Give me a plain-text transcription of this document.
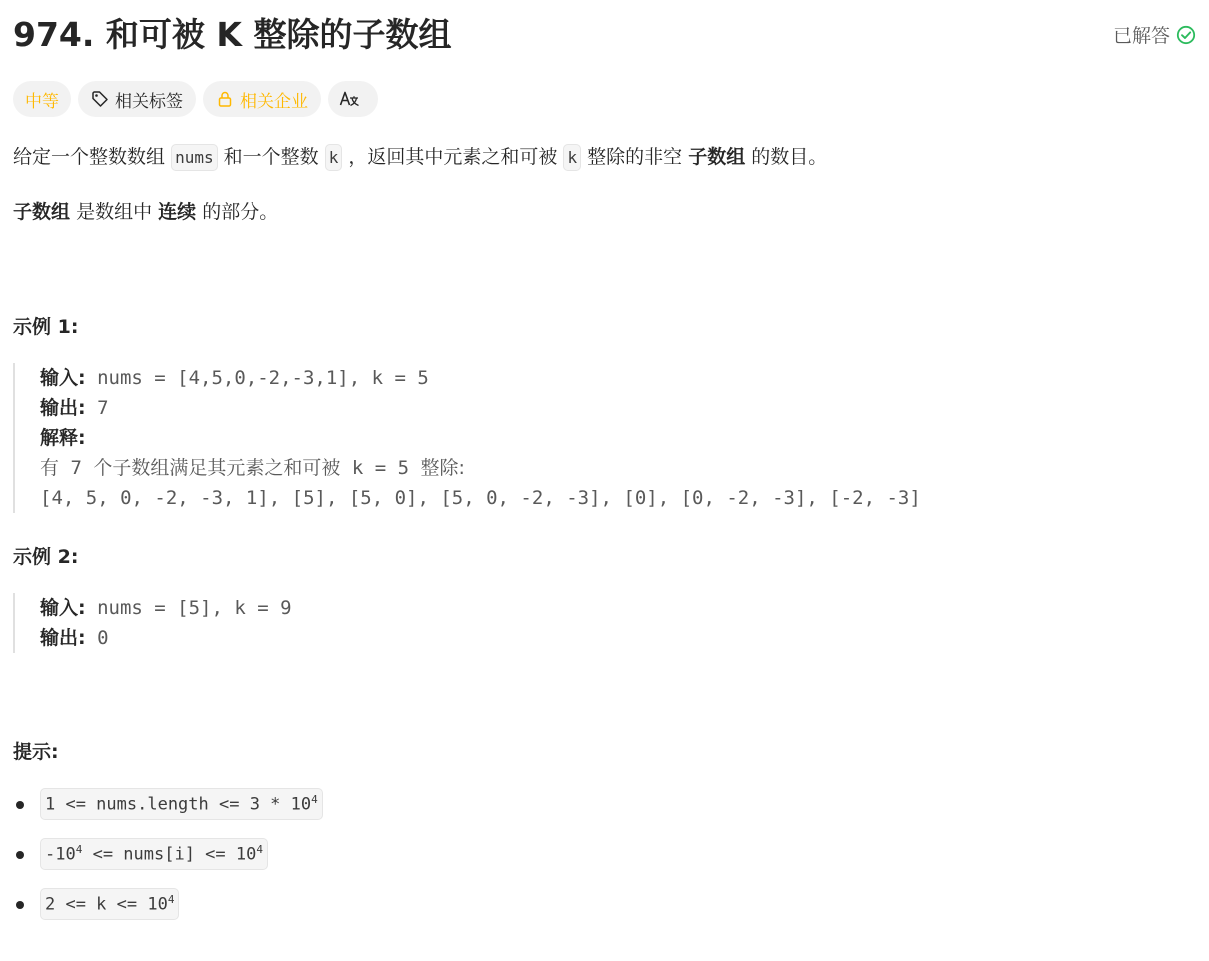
974. 和可被 K 整除的子数组	已解答
中等	相关标签	相关企业
给定一个整数数组 nums 和一个整数 k ，返回其中元素之和可被 k 整除的非空 子数组 的数目。
子数组 是数组中 连续 的部分。
示例 1:
输入: nums = [4,5,0,-2,-3,1], k = 5
输出: 7
解释:
有 7 个子数组满足其元素之和可被 k = 5 整除:
[4, 5, 0, -2, -3, 1], [5], [5, 0], [5, 0, -2, -3], [0], [0, -2, -3], [-2, -3]
示例 2:
输入: nums = [5], k = 9
输出: 0
提示:
1 <= nums.length <= $3 * 10^4$
$-10^4$ <= nums[i] <= $10^4$
$2 <= k <= 10^4$
